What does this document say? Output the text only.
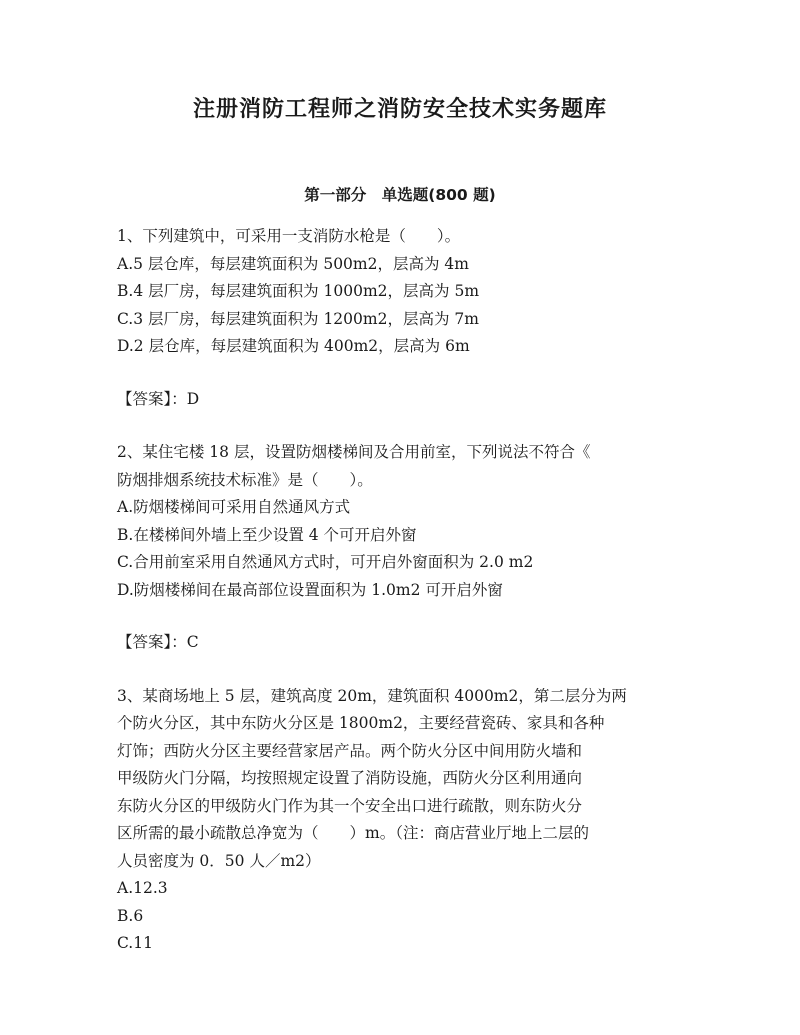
注册消防工程师之消防安全技术实务题库
第一部分　单选题(800 题)
1、下列建筑中，可采用一支消防水枪是（　　）。
A.5 层仓库，每层建筑面积为 500m2，层高为 4m
B.4 层厂房，每层建筑面积为 1000m2，层高为 5m
C.3 层厂房，每层建筑面积为 1200m2，层高为 7m
D.2 层仓库，每层建筑面积为 400m2，层高为 6m
【答案】：D
2、某住宅楼 18 层，设置防烟楼梯间及合用前室，下列说法不符合《
防烟排烟系统技术标准》是（　　）。
A.防烟楼梯间可采用自然通风方式
B.在楼梯间外墙上至少设置 4 个可开启外窗
C.合用前室采用自然通风方式时，可开启外窗面积为 2.0 m2
D.防烟楼梯间在最高部位设置面积为 1.0m2 可开启外窗
【答案】：C
3、某商场地上 5 层，建筑高度 20m，建筑面积 4000m2，第二层分为两
个防火分区，其中东防火分区是 1800m2，主要经营瓷砖、家具和各种
灯饰；西防火分区主要经营家居产品。两个防火分区中间用防火墙和
甲级防火门分隔，均按照规定设置了消防设施，西防火分区利用通向
东防火分区的甲级防火门作为其一个安全出口进行疏散，则东防火分
区所需的最小疏散总净宽为（　　）m。（注：商店营业厅地上二层的
人员密度为 0．50 人／m2）
A.12.3
B.6
C.11
